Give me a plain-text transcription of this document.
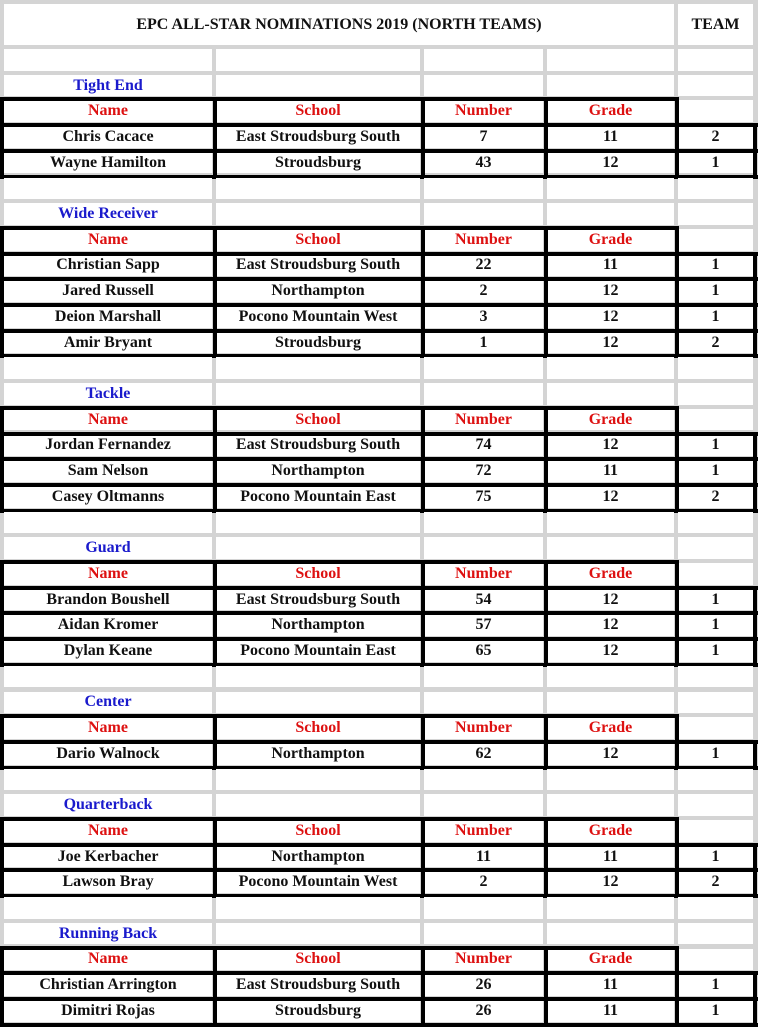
EPC ALL-STAR NOMINATIONS 2019 (NORTH TEAMS)	TEAM
Tight End
Name	School	Number	Grade
Chris Cacace	East Stroudsburg South	7	11	2
Wayne Hamilton	Stroudsburg	43	12	1
Wide Receiver
Name	School	Number	Grade
Christian Sapp	East Stroudsburg South	22	11	1
Jared Russell	Northampton	2	12	1
Deion Marshall	Pocono Mountain West	3	12	1
Amir Bryant	Stroudsburg	1	12	2
Tackle
Name	School	Number	Grade
Jordan Fernandez	East Stroudsburg South	74	12	1
Sam Nelson	Northampton	72	11	1
Casey Oltmanns	Pocono Mountain East	75	12	2
Guard
Name	School	Number	Grade
Brandon Boushell	East Stroudsburg South	54	12	1
Aidan Kromer	Northampton	57	12	1
Dylan Keane	Pocono Mountain East	65	12	1
Center
Name	School	Number	Grade
Dario Walnock	Northampton	62	12	1
Quarterback
Name	School	Number	Grade
Joe Kerbacher	Northampton	11	11	1
Lawson Bray	Pocono Mountain West	2	12	2
Running Back
Name	School	Number	Grade
Christian Arrington	East Stroudsburg South	26	11	1
Dimitri Rojas	Stroudsburg	26	11	1
